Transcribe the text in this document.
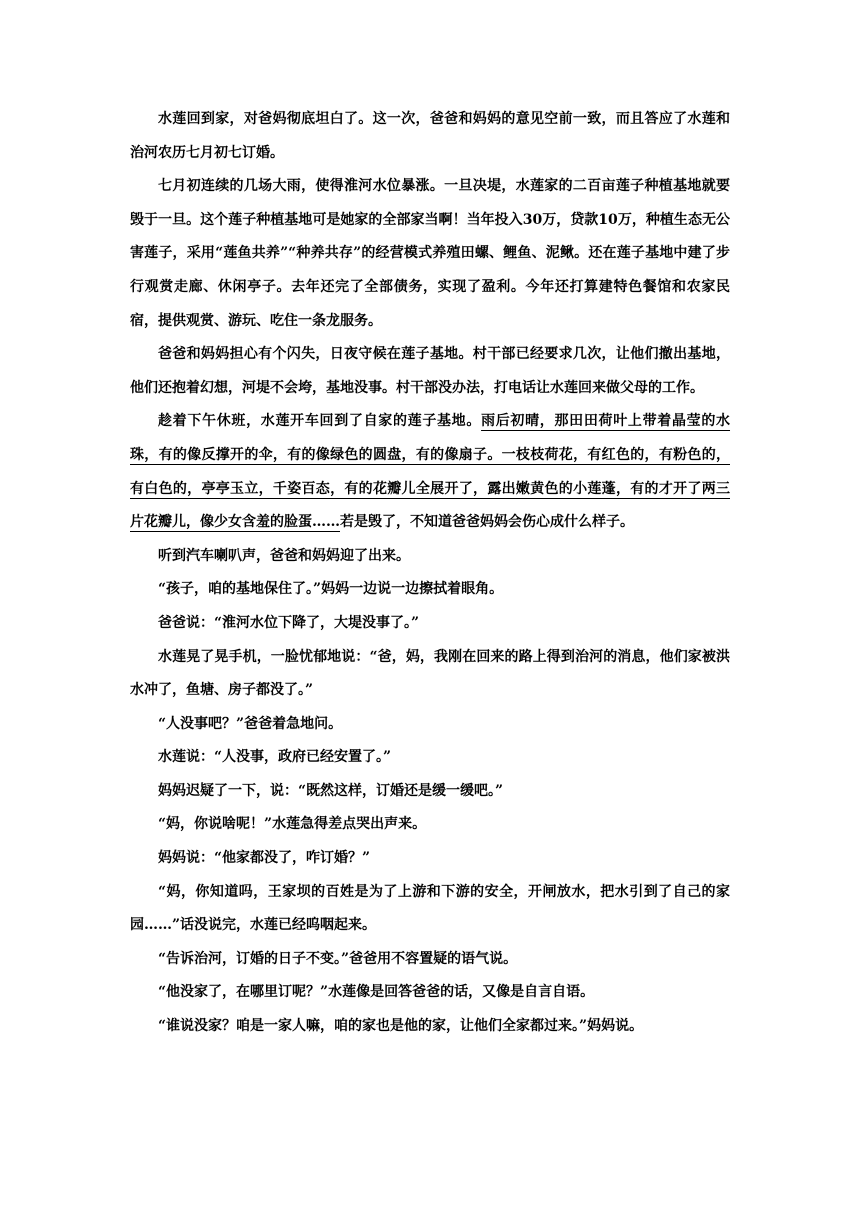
水莲回到家，对爸妈彻底坦白了。这一次，爸爸和妈妈的意见空前一致，而且答应了水莲和治河农历七月初七订婚。

七月初连续的几场大雨，使得淮河水位暴涨。一旦决堤，水莲家的二百亩莲子种植基地就要毁于一旦。这个莲子种植基地可是她家的全部家当啊！当年投入30万，贷款10万，种植生态无公害莲子，采用“莲鱼共养”“种养共存”的经营模式养殖田螺、鲤鱼、泥鳅。还在莲子基地中建了步行观赏走廊、休闲亭子。去年还完了全部债务，实现了盈利。今年还打算建特色餐馆和农家民宿，提供观赏、游玩、吃住一条龙服务。

爸爸和妈妈担心有个闪失，日夜守候在莲子基地。村干部已经要求几次，让他们撤出基地，他们还抱着幻想，河堤不会垮，基地没事。村干部没办法，打电话让水莲回来做父母的工作。

趁着下午休班，水莲开车回到了自家的莲子基地。雨后初晴，那田田荷叶上带着晶莹的水珠，有的像反撑开的伞，有的像绿色的圆盘，有的像扇子。一枝枝荷花，有红色的，有粉色的，有白色的，亭亭玉立，千姿百态，有的花瓣儿全展开了，露出嫩黄色的小莲蓬，有的才开了两三片花瓣儿，像少女含羞的脸蛋……若是毁了，不知道爸爸妈妈会伤心成什么样子。

听到汽车喇叭声，爸爸和妈妈迎了出来。

“孩子，咱的基地保住了。”妈妈一边说一边擦拭着眼角。

爸爸说：“淮河水位下降了，大堤没事了。”

水莲晃了晃手机，一脸忧郁地说：“爸，妈，我刚在回来的路上得到治河的消息，他们家被洪水冲了，鱼塘、房子都没了。”

“人没事吧？”爸爸着急地问。

水莲说：“人没事，政府已经安置了。”

妈妈迟疑了一下，说：“既然这样，订婚还是缓一缓吧。”

“妈，你说啥呢！”水莲急得差点哭出声来。

妈妈说：“他家都没了，咋订婚？”

“妈，你知道吗，王家坝的百姓是为了上游和下游的安全，开闸放水，把水引到了自己的家园……”话没说完，水莲已经呜咽起来。

“告诉治河，订婚的日子不变。”爸爸用不容置疑的语气说。

“他没家了，在哪里订呢？”水莲像是回答爸爸的话，又像是自言自语。

“谁说没家？咱是一家人嘛，咱的家也是他的家，让他们全家都过来。”妈妈说。
